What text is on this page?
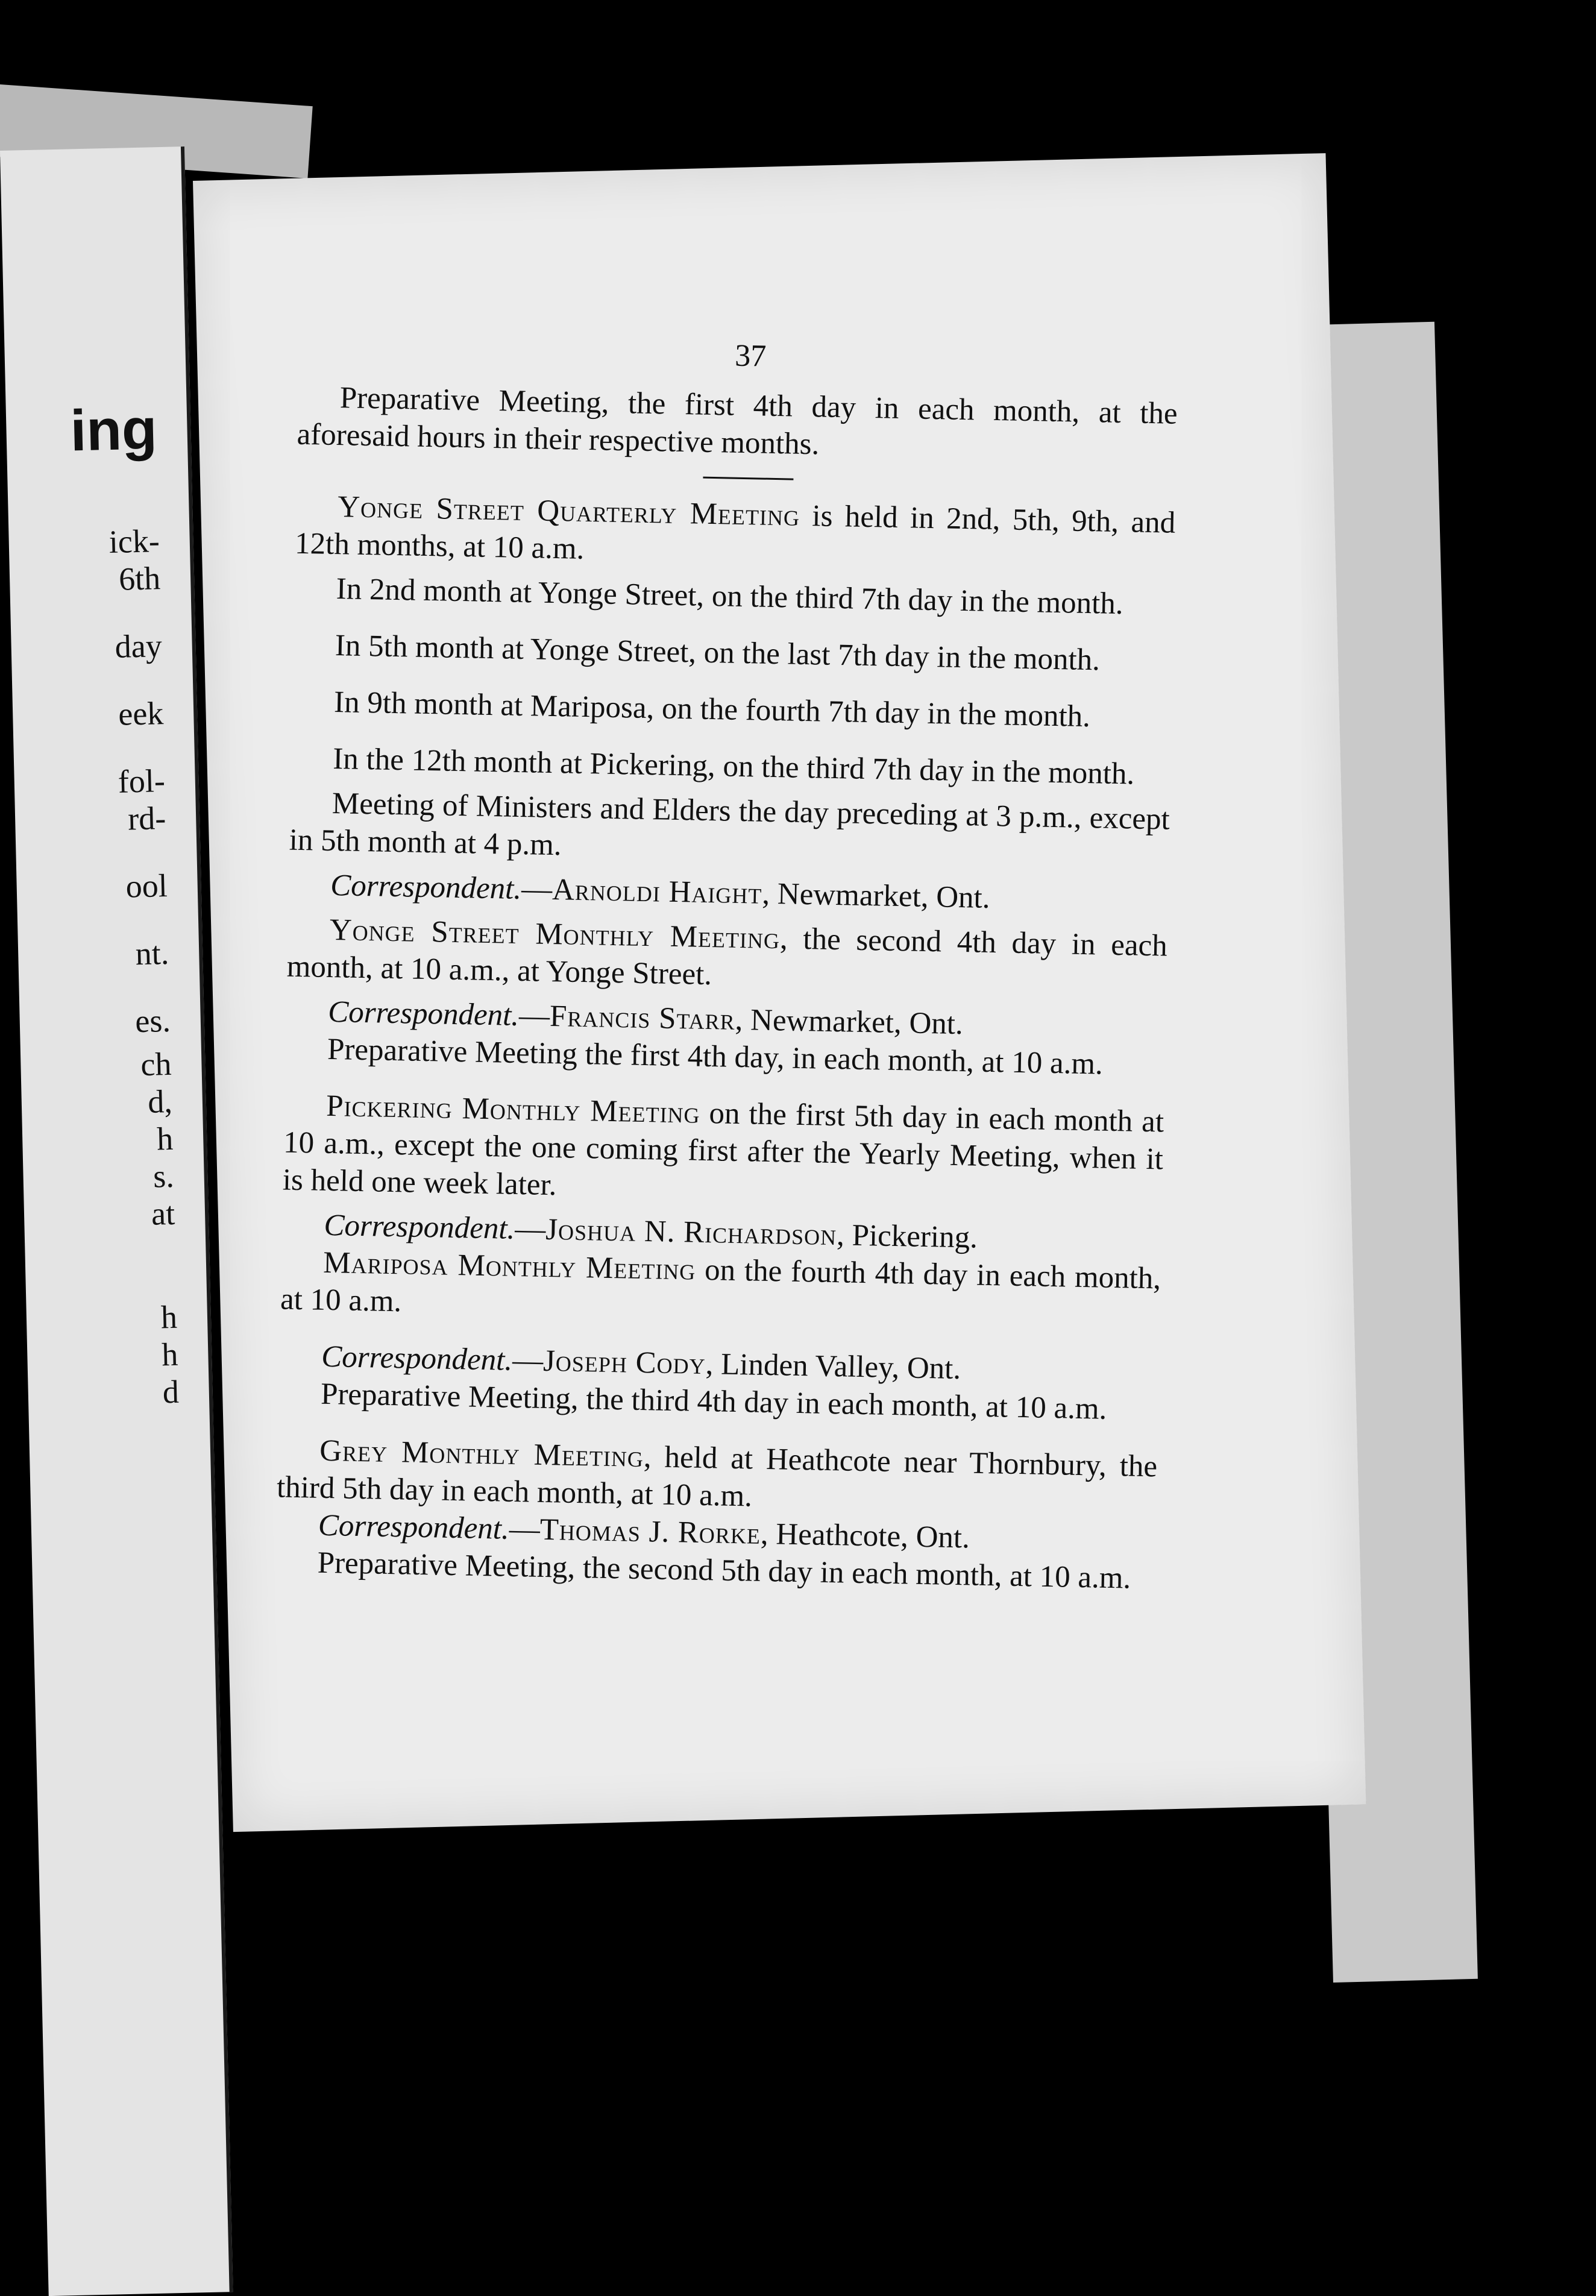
ing
ick-
6th
day
eek
fol-
rd-
ool
nt.
es.
ch
d,
h
s.
at
h
h
d
37

Preparative Meeting, the first 4th day in each month, at the aforesaid hours in their respective months.

Yonge Street Quarterly Meeting is held in 2nd, 5th, 9th, and 12th months, at 10 a.m.

In 2nd month at Yonge Street, on the third 7th day in the month.

In 5th month at Yonge Street, on the last 7th day in the month.

In 9th month at Mariposa, on the fourth 7th day in the month.

In the 12th month at Pickering, on the third 7th day in the month.

Meeting of Ministers and Elders the day preceding at 3 p.m., except in 5th month at 4 p.m.

Correspondent.—Arnoldi Haight, Newmarket, Ont.

Yonge Street Monthly Meeting, the second 4th day in each month, at 10 a.m., at Yonge Street.

Correspondent.—Francis Starr, Newmarket, Ont.

Preparative Meeting the first 4th day, in each month, at 10 a.m.

Pickering Monthly Meeting on the first 5th day in each month at 10 a.m., except the one coming first after the Yearly Meeting, when it is held one week later.

Correspondent.—Joshua N. Richardson, Pickering.

Mariposa Monthly Meeting on the fourth 4th day in each month, at 10 a.m.

Correspondent.—Joseph Cody, Linden Valley, Ont.

Preparative Meeting, the third 4th day in each month, at 10 a.m.

Grey Monthly Meeting, held at Heathcote near Thornbury, the third 5th day in each month, at 10 a.m.

Correspondent.—Thomas J. Rorke, Heathcote, Ont.

Preparative Meeting, the second 5th day in each month, at 10 a.m.
